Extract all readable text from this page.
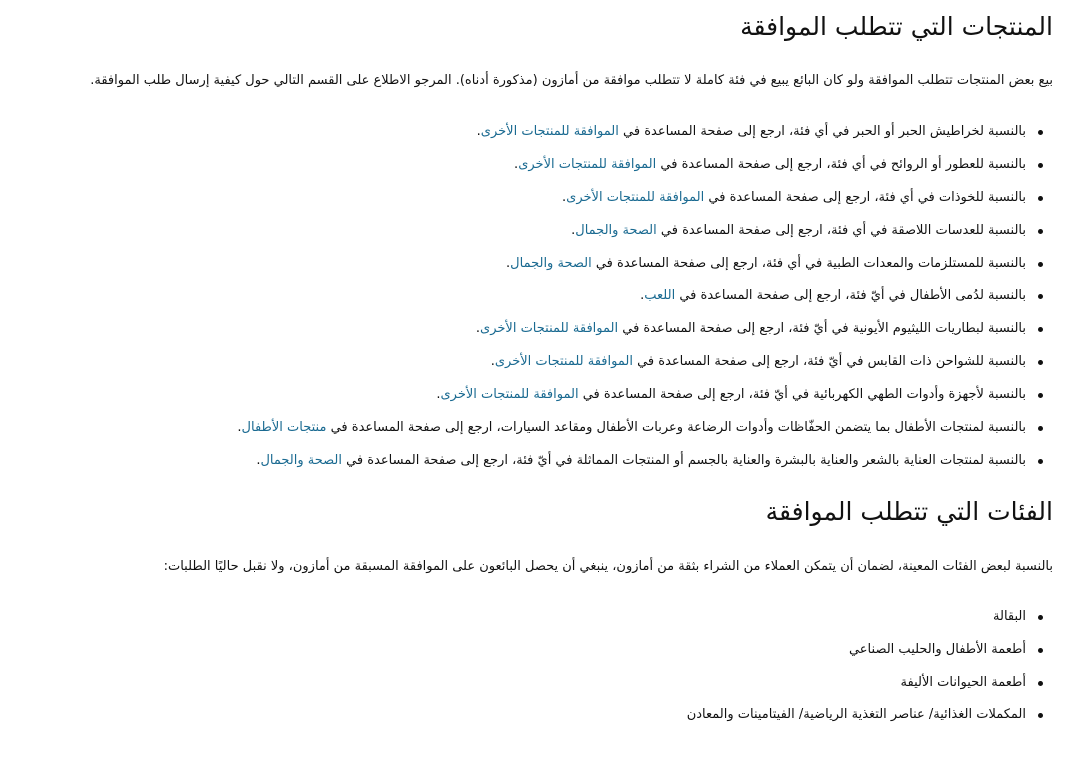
المنتجات التي تتطلب الموافقة

بيع بعض المنتجات تتطلب الموافقة ولو كان البائع يبيع في فئة كاملة لا تتطلب موافقة من أمازون (مذكورة أدناه). المرجو الاطلاع على القسم التالي حول كيفية إرسال طلب الموافقة.

بالنسبة لخراطيش الحبر أو الحبر في أي فئة، ارجع إلى صفحة المساعدة في الموافقة للمنتجات الأخرى.
بالنسبة للعطور أو الروائح في أي فئة، ارجع إلى صفحة المساعدة في الموافقة للمنتجات الأخرى.
بالنسبة للخوذات في أي فئة، ارجع إلى صفحة المساعدة في الموافقة للمنتجات الأخرى.
بالنسبة للعدسات اللاصقة في أي فئة، ارجع إلى صفحة المساعدة في الصحة والجمال.
بالنسبة للمستلزمات والمعدات الطبية في أي فئة، ارجع إلى صفحة المساعدة في الصحة والجمال.
بالنسبة لدُمى الأطفال في أيّ فئة، ارجع إلى صفحة المساعدة في اللعب.
بالنسبة لبطاريات الليثيوم الأيونية في أيّ فئة، ارجع إلى صفحة المساعدة في الموافقة للمنتجات الأخرى.
بالنسبة للشواحن ذات القابس في أيّ فئة، ارجع إلى صفحة المساعدة في الموافقة للمنتجات الأخرى.
بالنسبة لأجهزة وأدوات الطهي الكهربائية في أيّ فئة، ارجع إلى صفحة المساعدة في الموافقة للمنتجات الأخرى.
بالنسبة لمنتجات الأطفال بما يتضمن الحفّاظات وأدوات الرضاعة وعربات الأطفال ومقاعد السيارات، ارجع إلى صفحة المساعدة في منتجات الأطفال.
بالنسبة لمنتجات العناية بالشعر والعناية بالبشرة والعناية بالجسم أو المنتجات المماثلة في أيّ فئة، ارجع إلى صفحة المساعدة في الصحة والجمال.
الفئات التي تتطلب الموافقة

بالنسبة لبعض الفئات المعينة، لضمان أن يتمكن العملاء من الشراء بثقة من أمازون، ينبغي أن يحصل البائعون على الموافقة المسبقة من أمازون، ولا نقبل حاليًا الطلبات:

البقالة
أطعمة الأطفال والحليب الصناعي
أطعمة الحيوانات الأليفة
المكملات الغذائية/ عناصر التغذية الرياضية/ الفيتامينات والمعادن
